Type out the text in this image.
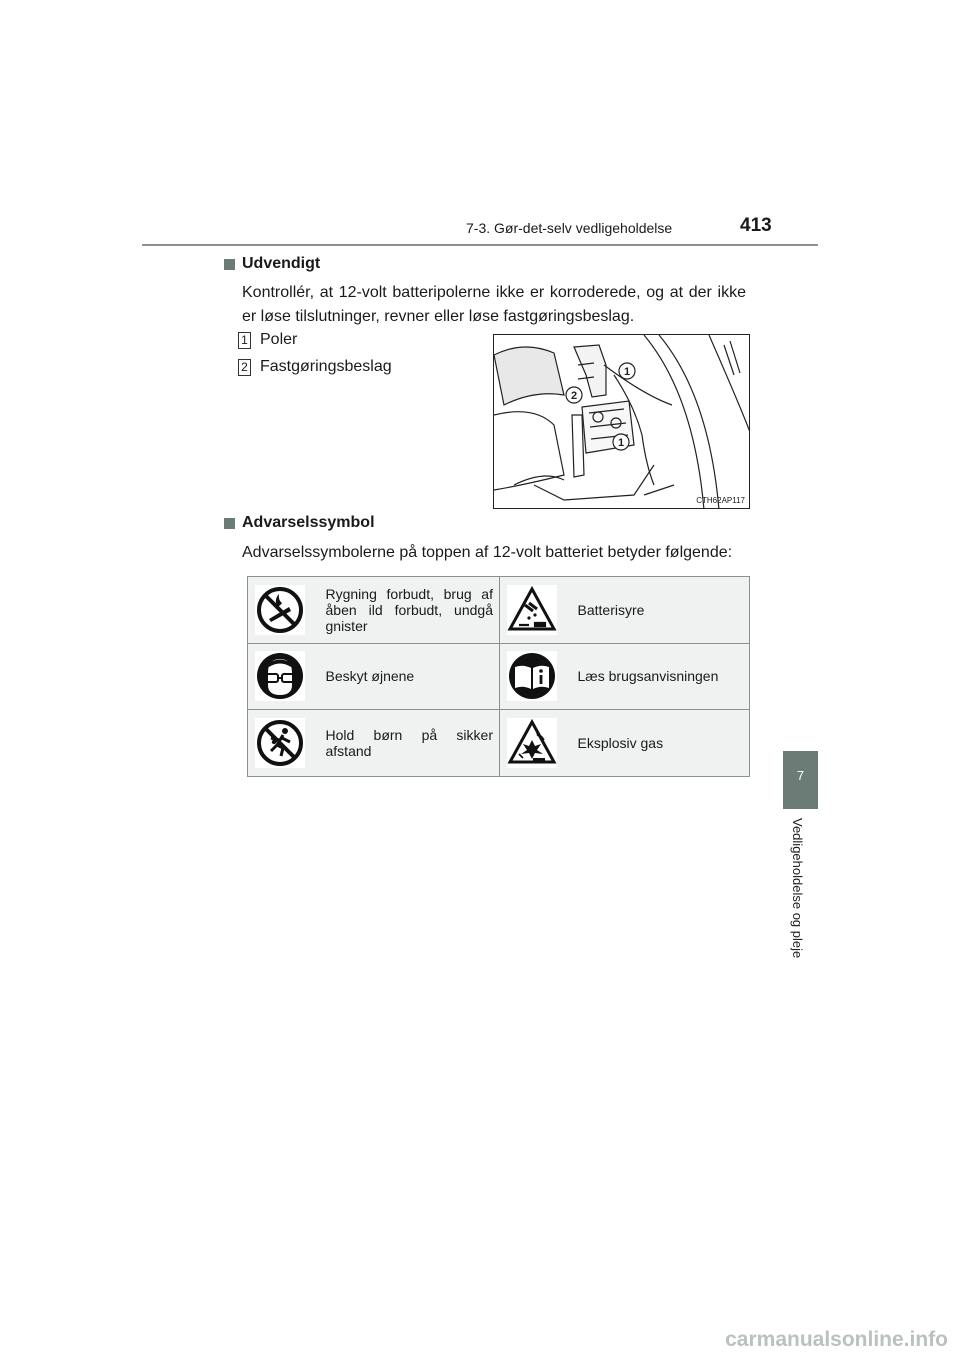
7-3. Gør-det-selv vedligeholdelse	413
7
Vedligeholdelse og pleje
Udvendigt
Kontrollér, at 12-volt batteripolerne ikke er korroderede, og at der ikke er løse tilslutninger, revner eller løse fastgøringsbeslag.
1 Poler
2 Fastgøringsbeslag	1
2
1
CTH62AP117
Advarselssymbol
Advarselssymbolerne på toppen af 12-volt batteriet betyder følgende:
	Rygning forbudt, brug af åben ild forbudt, undgå gnister		Batterisyre

	Beskyt øjnene		Læs brugsanvisningen

	Hold børn på sikker afstand		Eksplosiv gas
carmanualsonline.info
